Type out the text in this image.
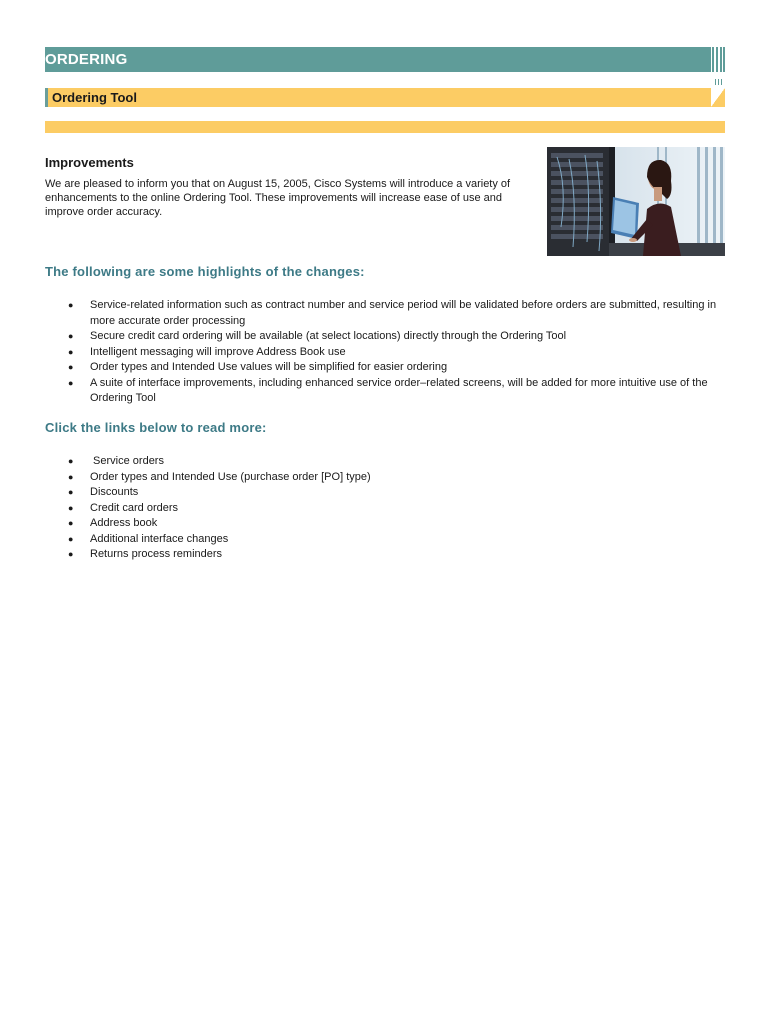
ORDERING
Ordering Tool
Improvements

We are pleased to inform you that on August 15, 2005, Cisco Systems will introduce a variety of enhancements to the online Ordering Tool. These improvements will increase ease of use and improve order accuracy.

The following are some highlights of the changes:
● Service-related information such as contract number and service period will be validated before orders are submitted, resulting in more accurate order processing
● Secure credit card ordering will be available (at select locations) directly through the Ordering Tool
● Intelligent messaging will improve Address Book use
● Order types and Intended Use values will be simplified for easier ordering
● A suite of interface improvements, including enhanced service order–related screens, will be added for more intuitive use of the Ordering Tool
Click the links below to read more:
● Service orders
● Order types and Intended Use (purchase order [PO] type)
● Discounts
● Credit card orders
● Address book
● Additional interface changes
● Returns process reminders
